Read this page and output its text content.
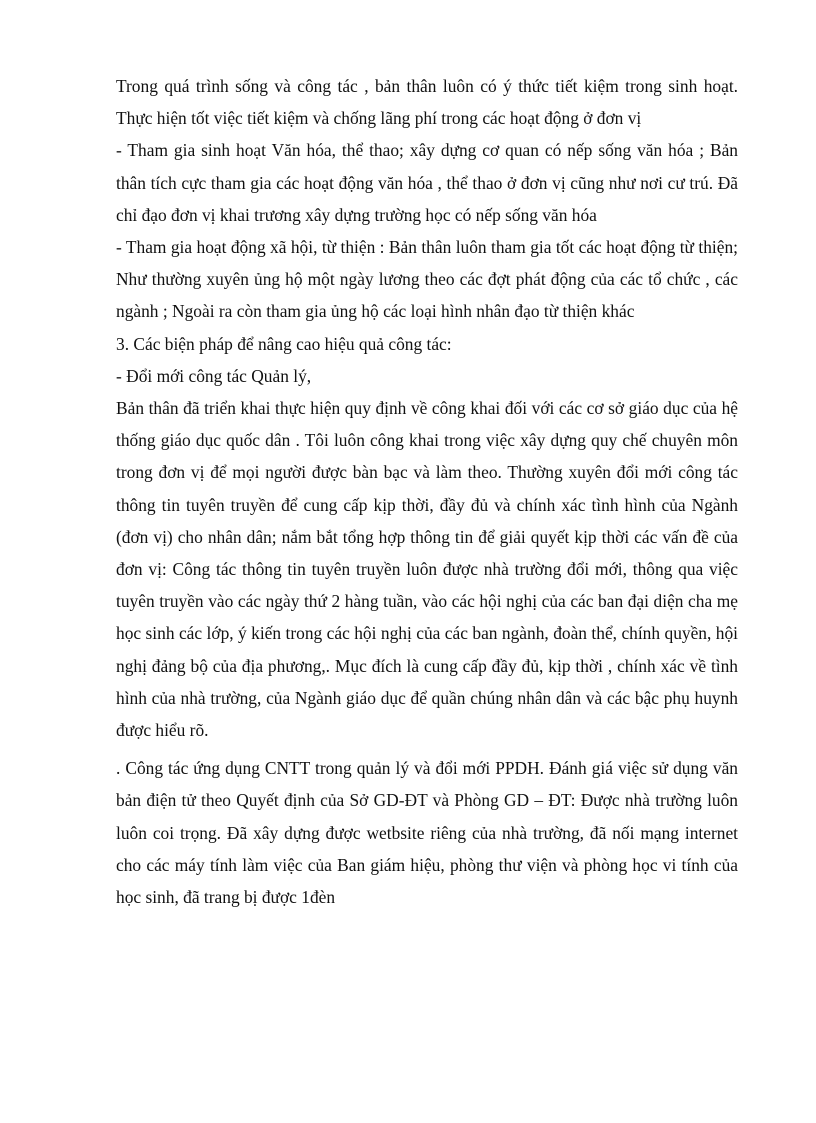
Trong quá trình sống và công tác , bản thân luôn có ý thức tiết kiệm trong sinh hoạt. Thực hiện tốt việc tiết kiệm và chống lãng phí trong các hoạt động ở đơn vị

- Tham gia sinh hoạt Văn hóa, thể thao; xây dựng cơ quan có nếp sống văn hóa ; Bản thân tích cực tham gia các hoạt động văn hóa , thể thao ở đơn vị cũng như nơi cư trú. Đã chỉ đạo đơn vị khai trương xây dựng trường học có nếp sống văn hóa

- Tham gia hoạt động xã hội, từ thiện : Bản thân luôn tham gia tốt các hoạt động từ thiện; Như thường xuyên ủng hộ một ngày lương theo các đợt phát động của các tổ chức , các ngành ; Ngoài ra còn tham gia ủng hộ các loại hình nhân đạo từ thiện khác

3. Các biện pháp để nâng cao hiệu quả công tác:

- Đổi mới công tác Quản lý,

Bản thân đã triển khai thực hiện quy định về công khai đối với các cơ sở giáo dục của hệ thống giáo dục quốc dân . Tôi luôn công khai trong việc xây dựng quy chế chuyên môn trong đơn vị để mọi người được bàn bạc và làm theo. Thường xuyên đổi mới công tác thông tin tuyên truyền để cung cấp kịp thời, đầy đủ và chính xác tình hình của Ngành (đơn vị) cho nhân dân; nắm bắt tổng hợp thông tin để giải quyết kịp thời các vấn đề của đơn vị: Công tác thông tin tuyên truyền luôn được nhà trường đổi mới, thông qua việc tuyên truyền vào các ngày thứ 2 hàng tuần, vào các hội nghị của các ban đại diện cha mẹ học sinh các lớp, ý kiến trong các hội nghị của các ban ngành, đoàn thể, chính quyền, hội nghị đảng bộ của địa phương,. Mục đích là cung cấp đầy đủ, kịp thời , chính xác về tình hình của nhà trường, của Ngành giáo dục để quần chúng nhân dân và các bậc phụ huynh được hiểu rõ.

. Công tác ứng dụng CNTT trong quản lý và đổi mới PPDH. Đánh giá việc sử dụng văn bản điện tử theo Quyết định của Sở GD-ĐT và Phòng GD – ĐT: Được nhà trường luôn luôn coi trọng. Đã xây dựng được wetbsite riêng của nhà trường, đã nối mạng internet cho các máy tính làm việc của Ban giám hiệu, phòng thư viện và phòng học vi tính của học sinh, đã trang bị được 1đèn
